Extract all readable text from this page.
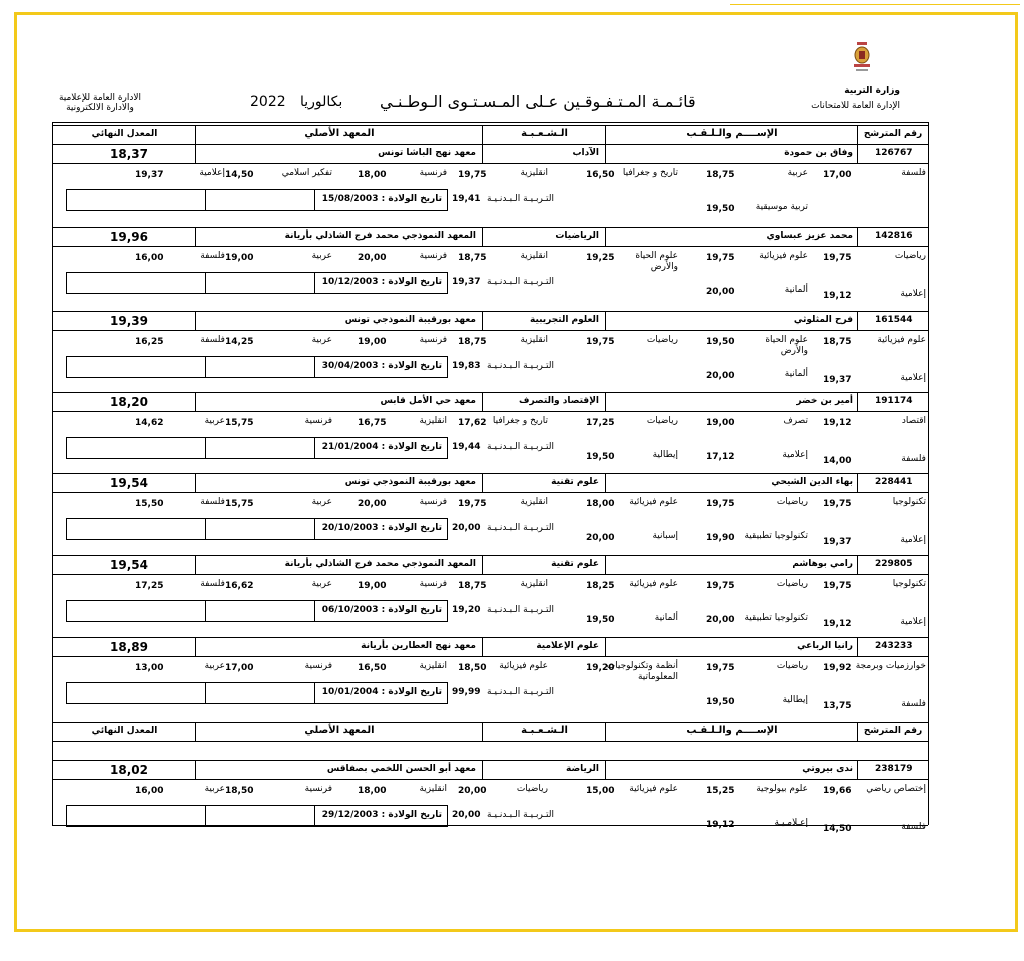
وزارة التربية
الإدارة العامة للامتحانات
الادارة العامة للإعلامية
والادارة الالكترونية	2022 بكالوريا قائـمـة المـتـفـوقـين عـلى المـسـتـوى الـوطـنـي
رقم المترشح
الإســــم والـلـقـب
الـشـعـبـة
المعهد الأصلي
المعدل النهائي
رقم المترشح
الإســــم والـلـقـب
الـشـعـبـة
المعهد الأصلي
المعدل النهائي
126767
وفاق بن حمودة
الآداب
معهد نهج الباشا تونس
18,37
فلسفة
17,00
عربية
18,75
تاريخ و جغرافيا
16,50
انقليزية
19,75
فرنسية
18,00
تفكير اسلامي
14,50
إعلامية
19,37
تربية موسيقية
19,50
التـربـيـة الـبـدنـيـة
19,41
تاريخ الولادة : 15/08/2003
142816
محمد عزيز عبساوي
الرياضيات
المعهد النموذجي محمد فرج الشاذلي بأريانة
19,96
رياضيات
19,75
علوم فيزيائية
19,75
علوم الحياة والأرض
19,25
انقليزية
18,75
فرنسية
20,00
عربية
19,00
فلسفة
16,00
إعلامية
19,12
ألمانية
20,00
التـربـيـة الـبـدنـيـة
19,37
تاريخ الولادة : 10/12/2003
161544
فرح المثلوثي
العلوم التجريبية
معهد بورقيبة النموذجي تونس
19,39
علوم فيزيائية
18,75
علوم الحياة والأرض
19,50
رياضيات
19,75
انقليزية
18,75
فرنسية
19,00
عربية
14,25
فلسفة
16,25
إعلامية
19,37
ألمانية
20,00
التـربـيـة الـبـدنـيـة
19,83
تاريخ الولادة : 30/04/2003
191174
أمير بن خضر
الإقتصاد والتصرف
معهد حي الأمل قابس
18,20
اقتصاد
19,12
تصرف
19,00
رياضيات
17,25
تاريخ و جغرافيا
17,62
انقليزية
16,75
فرنسية
15,75
عربية
14,62
فلسفة
14,00
إعلامية
17,12
إيطالية
19,50
التـربـيـة الـبـدنـيـة
19,44
تاريخ الولادة : 21/01/2004
228441
بهاء الدين الشيحي
علوم تقنية
معهد بورقيبة النموذجي تونس
19,54
تكنولوجيا
19,75
رياضيات
19,75
علوم فيزيائية
18,00
انقليزية
19,75
فرنسية
20,00
عربية
15,75
فلسفة
15,50
إعلامية
19,37
تكنولوجيا تطبيقية
19,90
إسبانية
20,00
التـربـيـة الـبـدنـيـة
20,00
تاريخ الولادة : 20/10/2003
229805
رامي بوهاشم
علوم تقنية
المعهد النموذجي محمد فرج الشاذلي بأريانة
19,54
تكنولوجيا
19,75
رياضيات
19,75
علوم فيزيائية
18,25
انقليزية
18,75
فرنسية
19,00
عربية
16,62
فلسفة
17,25
إعلامية
19,12
تكنولوجيا تطبيقية
20,00
ألمانية
19,50
التـربـيـة الـبـدنـيـة
19,20
تاريخ الولادة : 06/10/2003
243233
رانيا الرباعي
علوم الإعلامية
معهد نهج العطارين بأريانة
18,89
خوارزميات وبرمجة
19,92
رياضيات
19,75
أنظمة وتكنولوجيات المعلوماتية
19,20
علوم فيزيائية
18,50
انقليزية
16,50
فرنسية
17,00
عربية
13,00
فلسفة
13,75
إيطالية
19,50
التـربـيـة الـبـدنـيـة
99,99
تاريخ الولادة : 10/01/2004
238179
ندى بيروتي
الرياضة
معهد أبو الحسن اللخمي بصفاقس
18,02
إختصاص رياضي
19,66
علوم بيولوجية
15,25
علوم فيزيائية
15,00
رياضيات
20,00
انقليزية
18,00
فرنسية
18,50
عربية
16,00
فلسفة
14,50
إعـلامـيـة
19,12
التـربـيـة الـبـدنـيـة
20,00
تاريخ الولادة : 29/12/2003
